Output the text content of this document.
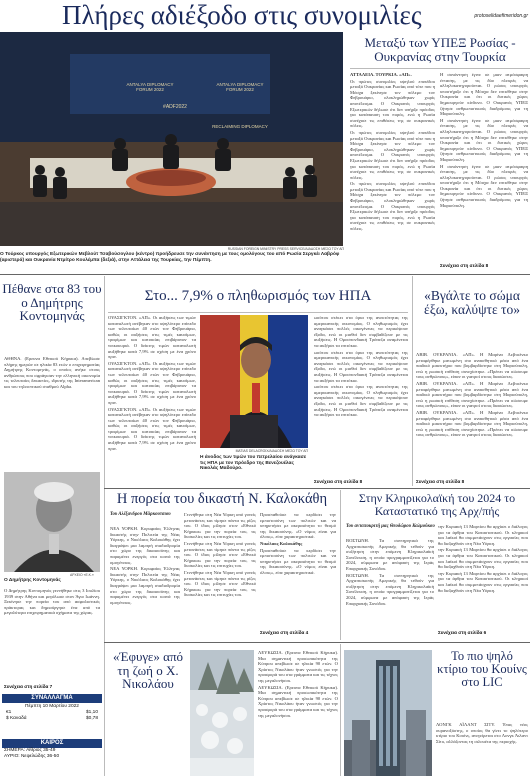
Πλήρες αδιέξοδο στις συνομιλίες	protoselidaefimeridon.gr
ANTALYA DIPLOMACY FORUM 2022
#ADF2022
ANTALYA DIPLOMACY FORUM 2022
RECLAIMING DIPLOMACY
RUSSIAN FOREIGN MINISTRY PRESS SERVICE/ΔΙΑΔΟΣΗ ΜΕΣΩ ΤΟΥ ΑΠ
Ο Τούρκος υπουργός Εξωτερικών Μεβλούτ Τσαβούσογλου (κέντρο) προήδρευσε την συνάντηση με τους ομολόγους του από Ρωσία Σεργκέι Λαβρόφ (αριστερά) και Ουκρανία Ντμίτρο Κουλέμπα (δεξιά), στην Αττάλεια της Τουρκίας, την Πέμπτη.
Μεταξύ των ΥΠΕΞ Ρωσίας - Ουκρανίας στην Τουρκία

ΑΤΤΑΛΕΙΑ. ΤΟΥΡΚΙΑ. «ΑΠ».

Οι πρώτες συνομιλίες υψηλού επιπέδου μεταξύ Ουκρανίας και Ρωσίας από τότε που η Μόσχα ξεκίνησε τον πόλεμο τον Φεβρουάριο, ολοκληρώθηκαν χωρίς αποτέλεσμα. Ο Ουκρανός υπουργός Εξωτερικών δήλωσε ότι δεν υπήρξε πρόοδος για κατάπαυση του πυρός, ενώ η Ρωσία συνέχισε τις επιθέσεις της σε ουκρανικές πόλεις.

Οι πρώτες συνομιλίες υψηλού επιπέδου μεταξύ Ουκρανίας και Ρωσίας από τότε που η Μόσχα ξεκίνησε τον πόλεμο τον Φεβρουάριο, ολοκληρώθηκαν χωρίς αποτέλεσμα. Ο Ουκρανός υπουργός Εξωτερικών δήλωσε ότι δεν υπήρξε πρόοδος για κατάπαυση του πυρός, ενώ η Ρωσία συνέχισε τις επιθέσεις της σε ουκρανικές πόλεις.

Οι πρώτες συνομιλίες υψηλού επιπέδου μεταξύ Ουκρανίας και Ρωσίας από τότε που η Μόσχα ξεκίνησε τον πόλεμο τον Φεβρουάριο, ολοκληρώθηκαν χωρίς αποτέλεσμα. Ο Ουκρανός υπουργός Εξωτερικών δήλωσε ότι δεν υπήρξε πρόοδος για κατάπαυση του πυρός, ενώ η Ρωσία συνέχισε τις επιθέσεις της σε ουκρανικές πόλεις.

Η συνάντηση έγινε σε μιαν ατμόσφαιρη έντασης, με τις δύο πλευρές να αλληλοκατηγορούνται. Ο ρώσος υπουργός υποστήριξε ότι η Μόσχα δεν επιτέθηκε στην Ουκρανία και ότι οι δυτικές χώρες δημιουργούν κίνδυνο. Ο Ουκρανός ΥΠΕΞ ζήτησε ανθρωπιστικούς διαδρόμους για τη Μαριούπολη.

Η συνάντηση έγινε σε μιαν ατμόσφαιρη έντασης, με τις δύο πλευρές να αλληλοκατηγορούνται. Ο ρώσος υπουργός υποστήριξε ότι η Μόσχα δεν επιτέθηκε στην Ουκρανία και ότι οι δυτικές χώρες δημιουργούν κίνδυνο. Ο Ουκρανός ΥΠΕΞ ζήτησε ανθρωπιστικούς διαδρόμους για τη Μαριούπολη.

Η συνάντηση έγινε σε μιαν ατμόσφαιρη έντασης, με τις δύο πλευρές να αλληλοκατηγορούνται. Ο ρώσος υπουργός υποστήριξε ότι η Μόσχα δεν επιτέθηκε στην Ουκρανία και ότι οι δυτικές χώρες δημιουργούν κίνδυνο. Ο Ουκρανός ΥΠΕΞ ζήτησε ανθρωπιστικούς διαδρόμους για τη Μαριούπολη.

Συνέχεια στη σελίδα 8
Πέθανε στα 83 του ο Δημήτρης Κοντομηνάς
ΑΘΗΝΑ. (Ερευνα Εθνικού Κήρυκα). Απεβίωσε πλήρης ημερών σε ηλικία 83 ετών ο επιχειρηματίας Δημήτρης Κοντομηνάς, ο οποίος ανήκε στους ανθρώπους που σφράγισαν την ελληνική οικονομία τις τελευταίες δεκαετίες, ιδρυτής της Interamerican και του τηλεοπτικού σταθμού Alpha.
ΑΡΧΕΙΟ «Ε.Κ.»
Ο Δημήτρης Κοντομηνάς
Ο Δημήτρης Κοντομηνάς γεννήθηκε στις 3 Ιουλίου 1939 στην Αθήνα και μεγάλωσε στον Άγιο Ιωάννη. Ξεκίνησε την πορεία του από ασφαλιστικός πράκτορας και δημιούργησε ένα από τα μεγαλύτερα επιχειρηματικά σχήματα της χώρας.
Συνέχεια στη σελίδα 7
ΣΥΝΑΛΛΑΓΜΑ
Πέμπτη 10 Μαρτίου 2022
€1	$1,10
$ Καναδά	$0,78
ΚΑΙΡΟΣ
ΣΗΜΕΡΑ: Αίθριος 35-49
ΑΥΡΙΟ: Νεφελώδης 36-50
Στο... 7,9% ο πληθωρισμός των ΗΠΑ

ΟΥΑΣΙΓΚΤΟΝ. «ΑΠ». Οι αυξήσεις των τιμών καταναλωτή ανέβηκαν στο υψηλότερο επίπεδο των τελευταίων 40 ετών τον Φεβρουάριο, καθώς οι αυξήσεις στις τιμές καυσίμων, τροφίμων και κατοικίας επιβάρυναν τα νοικοκυριά. Ο δείκτης τιμών καταναλωτή αυξήθηκε κατά 7,9% σε σχέση με ένα χρόνο πριν.

ΟΥΑΣΙΓΚΤΟΝ. «ΑΠ». Οι αυξήσεις των τιμών καταναλωτή ανέβηκαν στο υψηλότερο επίπεδο των τελευταίων 40 ετών τον Φεβρουάριο, καθώς οι αυξήσεις στις τιμές καυσίμων, τροφίμων και κατοικίας επιβάρυναν τα νοικοκυριά. Ο δείκτης τιμών καταναλωτή αυξήθηκε κατά 7,9% σε σχέση με ένα χρόνο πριν.

ΟΥΑΣΙΓΚΤΟΝ. «ΑΠ». Οι αυξήσεις των τιμών καταναλωτή ανέβηκαν στο υψηλότερο επίπεδο των τελευταίων 40 ετών τον Φεβρουάριο, καθώς οι αυξήσεις στις τιμές καυσίμων, τροφίμων και κατοικίας επιβάρυναν τα νοικοκυριά. Ο δείκτης τιμών καταναλωτή αυξήθηκε κατά 7,9% σε σχέση με ένα χρόνο πριν.

MATIAS DELACROIX/ΔΙΑΔΟΣΗ ΜΕΣΩ ΤΟΥ ΑΠ
Η άνοδος των τιμών του πετρελαίου ανάγκασε τις ΗΠΑ με τον πρόεδρο της Βενεζουέλας Νικολάς Μαδούρο.

ωσότου στέκει στα όρια της ανεκτότητας της αμερικανικής οικονομίας. Ο πληθωρισμός έχει αναγκάσει πολλές οικογένειες να περικόψουν έξοδα, ενώ οι μισθοί δεν συμβαδίζουν με τις αυξήσεις. Η Ομοσπονδιακή Τράπεζα αναμένεται να αυξήσει τα επιτόκια.

ωσότου στέκει στα όρια της ανεκτότητας της αμερικανικής οικονομίας. Ο πληθωρισμός έχει αναγκάσει πολλές οικογένειες να περικόψουν έξοδα, ενώ οι μισθοί δεν συμβαδίζουν με τις αυξήσεις. Η Ομοσπονδιακή Τράπεζα αναμένεται να αυξήσει τα επιτόκια.

ωσότου στέκει στα όρια της ανεκτότητας της αμερικανικής οικονομίας. Ο πληθωρισμός έχει αναγκάσει πολλές οικογένειες να περικόψουν έξοδα, ενώ οι μισθοί δεν συμβαδίζουν με τις αυξήσεις. Η Ομοσπονδιακή Τράπεζα αναμένεται να αυξήσει τα επιτόκια.

Συνέχεια στη σελίδα 8
«Βγάλτε το σώμα έξω, καλύψτε το»

ΛΒΙΒ. ΟΥΚΡΑΝΙΑ. «ΑΠ». Η Μαρίνα Λεβτσένκο μεταφέρθηκε ματωμένη στο αναισθητικό μέσα από ένα παιδικό μαιευτήριο που βομβαρδίστηκε στη Μαριούπολη, ενώ η ρωσική επίθεση συνεχίστηκε. «Πρέπει να σώσουμε τους ανθρώπους», είπαν οι γιατροί στους διασώστες.

ΛΒΙΒ. ΟΥΚΡΑΝΙΑ. «ΑΠ». Η Μαρίνα Λεβτσένκο μεταφέρθηκε ματωμένη στο αναισθητικό μέσα από ένα παιδικό μαιευτήριο που βομβαρδίστηκε στη Μαριούπολη, ενώ η ρωσική επίθεση συνεχίστηκε. «Πρέπει να σώσουμε τους ανθρώπους», είπαν οι γιατροί στους διασώστες.

ΛΒΙΒ. ΟΥΚΡΑΝΙΑ. «ΑΠ». Η Μαρίνα Λεβτσένκο μεταφέρθηκε ματωμένη στο αναισθητικό μέσα από ένα παιδικό μαιευτήριο που βομβαρδίστηκε στη Μαριούπολη, ενώ η ρωσική επίθεση συνεχίστηκε. «Πρέπει να σώσουμε τους ανθρώπους», είπαν οι γιατροί στους διασώστες.

Συνέχεια στη σελίδα 8
Η πορεία του δικαστή Ν. Καλοκάθη
Του Αλέξανδρου Μάρκουτσιου

ΝΕΑ ΥΟΡΚΗ. Κορυφαίος Έλληνας δικαστής στην Πολιτεία της Νέας Υόρκης, ο Νικόλαος Καλοκάθης έχει διαγράψει μια λαμπρή σταδιοδρομία στο χώρο της δικαιοσύνης και παραμένει ενεργός στα κοινά της ομογένειας.

ΝΕΑ ΥΟΡΚΗ. Κορυφαίος Έλληνας δικαστής στην Πολιτεία της Νέας Υόρκης, ο Νικόλαος Καλοκάθης έχει διαγράψει μια λαμπρή σταδιοδρομία στο χώρο της δικαιοσύνης και παραμένει ενεργός στα κοινά της ομογένειας.

Γεννήθηκε στη Νέα Υόρκη από γονείς μετανάστες και τίμησε πάντα τις ρίζες του. Ο ίδιος μίλησε στον «Εθνικό Κήρυκα» για την πορεία του, τις δυσκολίες και τις επιτυχίες του.

Γεννήθηκε στη Νέα Υόρκη από γονείς μετανάστες και τίμησε πάντα τις ρίζες του. Ο ίδιος μίλησε στον «Εθνικό Κήρυκα» για την πορεία του, τις δυσκολίες και τις επιτυχίες του.

Γεννήθηκε στη Νέα Υόρκη από γονείς μετανάστες και τίμησε πάντα τις ρίζες του. Ο ίδιος μίλησε στον «Εθνικό Κήρυκα» για την πορεία του, τις δυσκολίες και τις επιτυχίες του.

Προσπαθούσε να κερδίσει την εμπιστοσύνη των πολιτών και να υπηρετήσει με ακεραιότητα το θεσμό της δικαιοσύνης. «Ο νόμος είναι για όλους», είπε χαρακτηριστικά.

Νικόλαος Καλοκάθης

Προσπαθούσε να κερδίσει την εμπιστοσύνη των πολιτών και να υπηρετήσει με ακεραιότητα το θεσμό της δικαιοσύνης. «Ο νόμος είναι για όλους», είπε χαρακτηριστικά.

Συνέχεια στη σελίδα 4
Στην Κληρικολαϊκή του 2024 το Καταστατικό της Αρχ/πής
Του ανταποκριτή μας Θεοδώρου Καλμούκου

ΒΟΣΤΩΝΗ. Τα συντηρητικά της Αρχιεπισκοπής Αμερικής θα τεθούν για συζήτηση στην επόμενη Κληρικολαϊκή Συνέλευση, η οποία προγραμματίζεται για το 2024, σύμφωνα με απόφαση της Ιεράς Επαρχιακής Συνόδου.

ΒΟΣΤΩΝΗ. Τα συντηρητικά της Αρχιεπισκοπής Αμερικής θα τεθούν για συζήτηση στην επόμενη Κληρικολαϊκή Συνέλευση, η οποία προγραμματίζεται για το 2024, σύμφωνα με απόφαση της Ιεράς Επαρχιακής Συνόδου.

την Κυριακή 13 Μαρτίου θα αρχίσει ο διάλογος για τα άρθρα του Καταστατικού. Οι κληρικοί και λαϊκοί θα συμμετάσχουν στις εργασίες που θα διεξαχθούν στη Νέα Υόρκη.

την Κυριακή 13 Μαρτίου θα αρχίσει ο διάλογος για τα άρθρα του Καταστατικού. Οι κληρικοί και λαϊκοί θα συμμετάσχουν στις εργασίες που θα διεξαχθούν στη Νέα Υόρκη.

την Κυριακή 13 Μαρτίου θα αρχίσει ο διάλογος για τα άρθρα του Καταστατικού. Οι κληρικοί και λαϊκοί θα συμμετάσχουν στις εργασίες που θα διεξαχθούν στη Νέα Υόρκη.

Συνέχεια στη σελίδα 6
«Έφυγε» από τη ζωή ο Χ. Νικολάου

ΛΕΥΚΩΣΙΑ. (Ερευνα Εθνικού Κήρυκα). Μια σημαντική προσωπικότητα της Κύπρου απεβίωσε σε ηλικία 90 ετών. Ο Χρίστος Νικολάου ήταν γνωστός για την προσφορά του στα γράμματα και τις τέχνες της μεγαλονήσου.

ΛΕΥΚΩΣΙΑ. (Ερευνα Εθνικού Κήρυκα). Μια σημαντική προσωπικότητα της Κύπρου απεβίωσε σε ηλικία 90 ετών. Ο Χρίστος Νικολάου ήταν γνωστός για την προσφορά του στα γράμματα και τις τέχνες της μεγαλονήσου.

Το πιο ψηλό κτίριο του Κουίνς στο LIC
ΛΟΝΓΚ ΑΪΛΑΝΤ ΣΙΤΥ. Ένας νέος ουρανοξύστης, ο οποίος θα γίνει το ψηλότερο κτίριο του Κουίνς, ανεγείρεται στο Λονγκ Άιλαντ Σίτυ, αλλάζοντας τη σιλουέτα της περιοχής.
